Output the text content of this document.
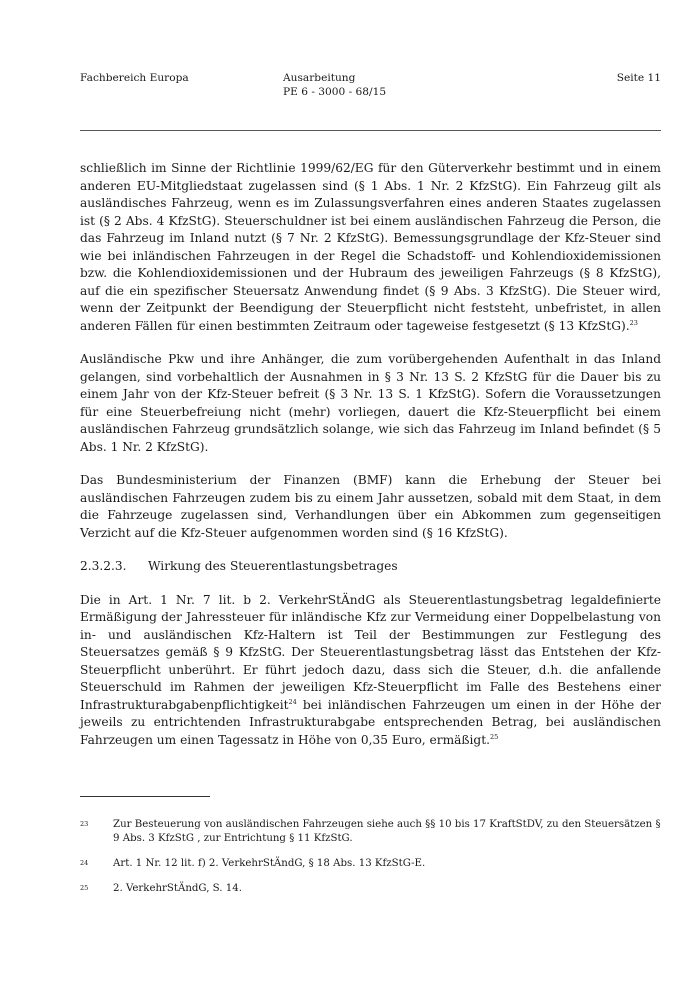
Fachbereich Europa	Ausarbeitung
PE 6 - 3000 - 68/15
Seite 11

schließlich im Sinne der Richtlinie 1999/62/EG für den Güterverkehr bestimmt und in einem anderen EU-Mitgliedstaat zugelassen sind (§ 1 Abs. 1 Nr. 2 KfzStG). Ein Fahrzeug gilt als ausländisches Fahrzeug, wenn es im Zulassungsverfahren eines anderen Staates zugelassen ist (§ 2 Abs. 4 KfzStG). Steuerschuldner ist bei einem ausländischen Fahrzeug die Person, die das Fahrzeug im Inland nutzt (§ 7 Nr. 2 KfzStG). Bemessungsgrundlage der Kfz-Steuer sind wie bei inländischen Fahrzeugen in der Regel die Schadstoff- und Kohlendioxidemissionen bzw. die Kohlendioxidemissionen und der Hubraum des jeweiligen Fahrzeugs (§ 8 KfzStG), auf die ein spezifischer Steuersatz Anwendung findet (§ 9 Abs. 3 KfzStG). Die Steuer wird, wenn der Zeitpunkt der Beendigung der Steuerpflicht nicht feststeht, unbefristet, in allen anderen Fällen für einen bestimmten Zeitraum oder tageweise festgesetzt (§ 13 KfzStG).$^{23}$

Ausländische Pkw und ihre Anhänger, die zum vorübergehenden Aufenthalt in das Inland gelangen, sind vorbehaltlich der Ausnahmen in § 3 Nr. 13 S. 2 KfzStG für die Dauer bis zu einem Jahr von der Kfz-Steuer befreit (§ 3 Nr. 13 S. 1 KfzStG). Sofern die Voraussetzungen für eine Steuerbefreiung nicht (mehr) vorliegen, dauert die Kfz-Steuerpflicht bei einem ausländischen Fahrzeug grundsätzlich solange, wie sich das Fahrzeug im Inland befindet (§ 5 Abs. 1 Nr. 2 KfzStG).

Das Bundesministerium der Finanzen (BMF) kann die Erhebung der Steuer bei ausländischen Fahrzeugen zudem bis zu einem Jahr aussetzen, sobald mit dem Staat, in dem die Fahrzeuge zugelassen sind, Verhandlungen über ein Abkommen zum gegenseitigen Verzicht auf die Kfz-Steuer aufgenommen worden sind (§ 16 KfzStG).

2.3.2.3. Wirkung des Steuerentlastungsbetrages

Die in Art. 1 Nr. 7 lit. b 2. VerkehrStÄndG als Steuerentlastungsbetrag legaldefinierte Ermäßigung der Jahressteuer für inländische Kfz zur Vermeidung einer Doppelbelastung von in- und ausländischen Kfz-Haltern ist Teil der Bestimmungen zur Festlegung des Steuersatzes gemäß § 9 KfzStG. Der Steuerentlastungsbetrag lässt das Entstehen der Kfz-Steuerpflicht unberührt. Er führt jedoch dazu, dass sich die Steuer, d.h. die anfallende Steuerschuld im Rahmen der jeweiligen Kfz-Steuerpflicht im Falle des Bestehens einer Infrastrukturabgabenpflichtigkeit$^{24}$ bei inländischen Fahrzeugen um einen in der Höhe der jeweils zu entrichtenden Infrastrukturabgabe entsprechenden Betrag, bei ausländischen Fahrzeugen um einen Tagessatz in Höhe von 0,35 Euro, ermäßigt.$^{25}$

23 Zur Besteuerung von ausländischen Fahrzeugen siehe auch §§ 10 bis 17 KraftStDV, zu den Steuersätzen § 9 Abs. 3 KfzStG , zur Entrichtung § 11 KfzStG.
24 Art. 1 Nr. 12 lit. f) 2. VerkehrStÄndG, § 18 Abs. 13 KfzStG-E.
25 2. VerkehrStÄndG, S. 14.
